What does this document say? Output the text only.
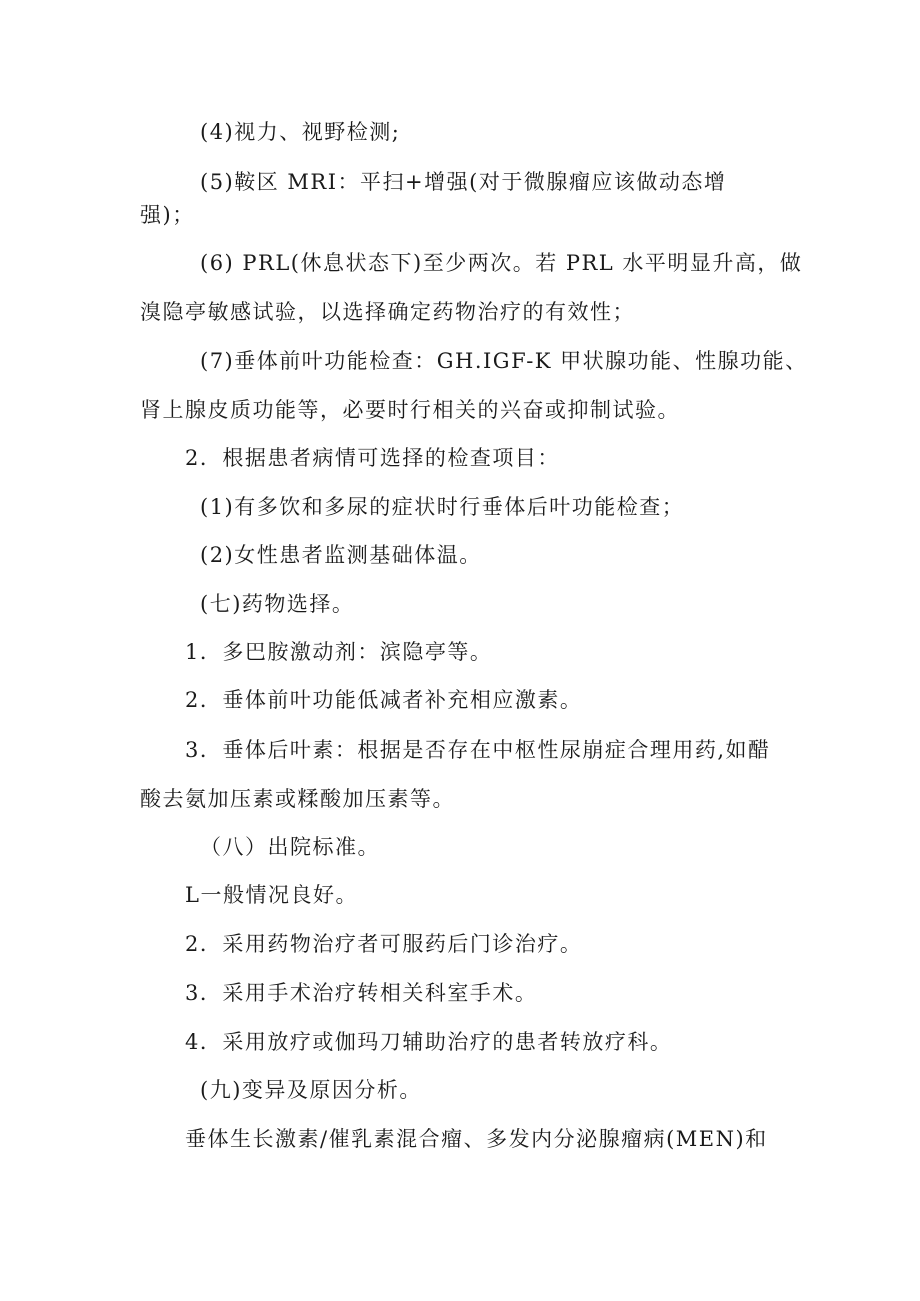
(4)视力、视野检测;
(5)鞍区 MRI：平扫+增强(对于微腺瘤应该做动态增
强)；
(6) PRL(休息状态下)至少两次。若 PRL 水平明显升高，做
溴隐亭敏感试验，以选择确定药物治疗的有效性；
(7)垂体前叶功能检查：GH.IGF-K 甲状腺功能、性腺功能、
肾上腺皮质功能等，必要时行相关的兴奋或抑制试验。
2．根据患者病情可选择的检查项目：
(1)有多饮和多尿的症状时行垂体后叶功能检查；
(2)女性患者监测基础体温。
(七)药物选择。
1．多巴胺激动剂：滨隐亭等。
2．垂体前叶功能低减者补充相应激素。
3．垂体后叶素：根据是否存在中枢性尿崩症合理用药,如醋
酸去氨加压素或糅酸加压素等。
（八）出院标准。
L一般情况良好。
2．采用药物治疗者可服药后门诊治疗。
3．采用手术治疗转相关科室手术。
4．采用放疗或伽玛刀辅助治疗的患者转放疗科。
(九)变异及原因分析。
垂体生长激素/催乳素混合瘤、多发内分泌腺瘤病(MEN)和
